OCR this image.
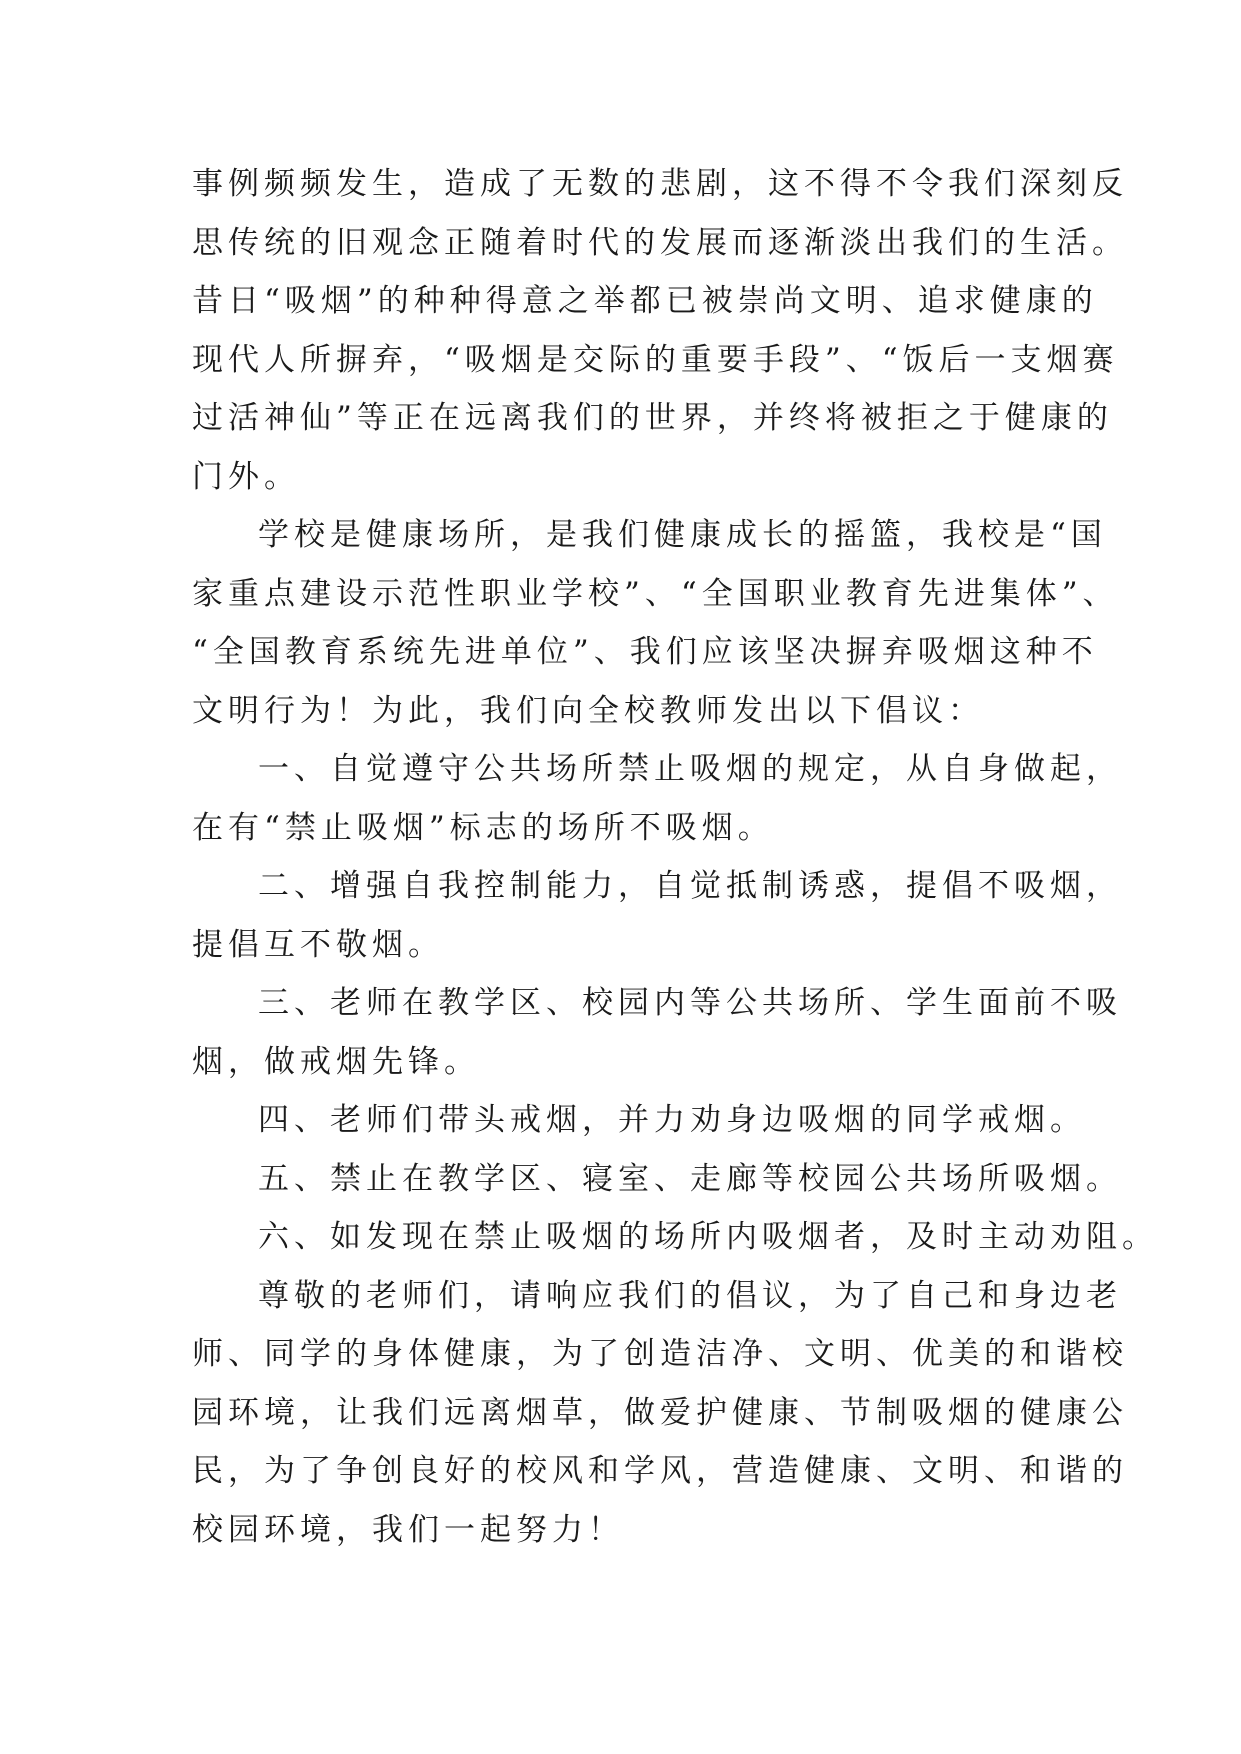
事例频频发生，造成了无数的悲剧，这不得不令我们深刻反
思传统的旧观念正随着时代的发展而逐渐淡出我们的生活。
昔日“吸烟”的种种得意之举都已被崇尚文明、追求健康的
现代人所摒弃，“吸烟是交际的重要手段”、“饭后一支烟赛
过活神仙”等正在远离我们的世界，并终将被拒之于健康的
门外。
学校是健康场所，是我们健康成长的摇篮，我校是“国
家重点建设示范性职业学校”、“全国职业教育先进集体”、
“全国教育系统先进单位”、我们应该坚决摒弃吸烟这种不
文明行为！为此，我们向全校教师发出以下倡议：
一、自觉遵守公共场所禁止吸烟的规定，从自身做起，
在有“禁止吸烟”标志的场所不吸烟。
二、增强自我控制能力，自觉抵制诱惑，提倡不吸烟，
提倡互不敬烟。
三、老师在教学区、校园内等公共场所、学生面前不吸
烟，做戒烟先锋。
四、老师们带头戒烟，并力劝身边吸烟的同学戒烟。
五、禁止在教学区、寝室、走廊等校园公共场所吸烟。
六、如发现在禁止吸烟的场所内吸烟者，及时主动劝阻。
尊敬的老师们，请响应我们的倡议，为了自己和身边老
师、同学的身体健康，为了创造洁净、文明、优美的和谐校
园环境，让我们远离烟草，做爱护健康、节制吸烟的健康公
民，为了争创良好的校风和学风，营造健康、文明、和谐的
校园环境，我们一起努力！
